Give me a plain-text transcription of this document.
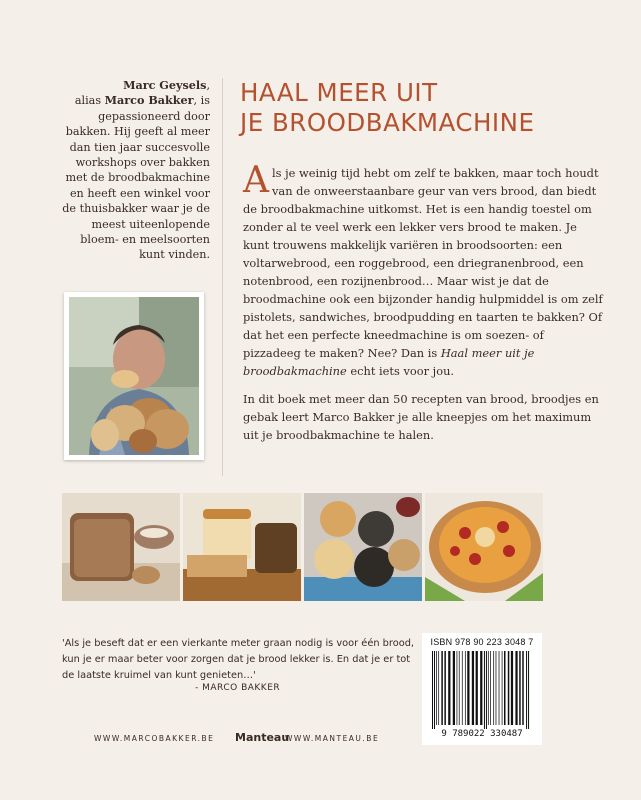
Marc Geysels,
alias Marco Bakker, is gepassioneerd door bakken. Hij geeft al meer dan tien jaar succesvolle workshops over bakken met de broodbakmachine en heeft een winkel voor de thuisbakker waar je de meest uiteenlopende bloem- en meelsoorten kunt vinden.
HAAL MEER UIT
JE BROODBAKMACHINE

Als je weinig tijd hebt om zelf te bakken, maar toch houdt van de onweerstaanbare geur van vers brood, dan biedt de broodbakmachine uitkomst. Het is een handig toestel om zonder al te veel werk een lekker vers brood te maken. Je kunt trouwens makkelijk variëren in broodsoorten: een voltarwebrood, een roggebrood, een driegranenbrood, een notenbrood, een rozijnenbrood… Maar wist je dat de broodmachine ook een bijzonder handig hulpmiddel is om zelf pistolets, sandwiches, broodpudding en taarten te bakken? Of dat het een perfecte kneedmachine is om soezen- of pizzadeeg te maken? Nee? Dan is Haal meer uit je broodbakmachine echt iets voor jou.

In dit boek met meer dan 50 recepten van brood, broodjes en gebak leert Marco Bakker je alle kneepjes om het maximum uit je broodbakmachine te halen.

'Als je beseft dat er een vierkante meter graan nodig is voor één brood, kun je er maar beter voor zorgen dat je brood lekker is. En dat je er tot de laatste kruimel van kunt genieten…'
- MARCO BAKKER
ISBN 978 90 223 3048 7
9 789022 330487
WWW.MARCOBAKKER.BE Manteau
WWW.MANTEAU.BE
